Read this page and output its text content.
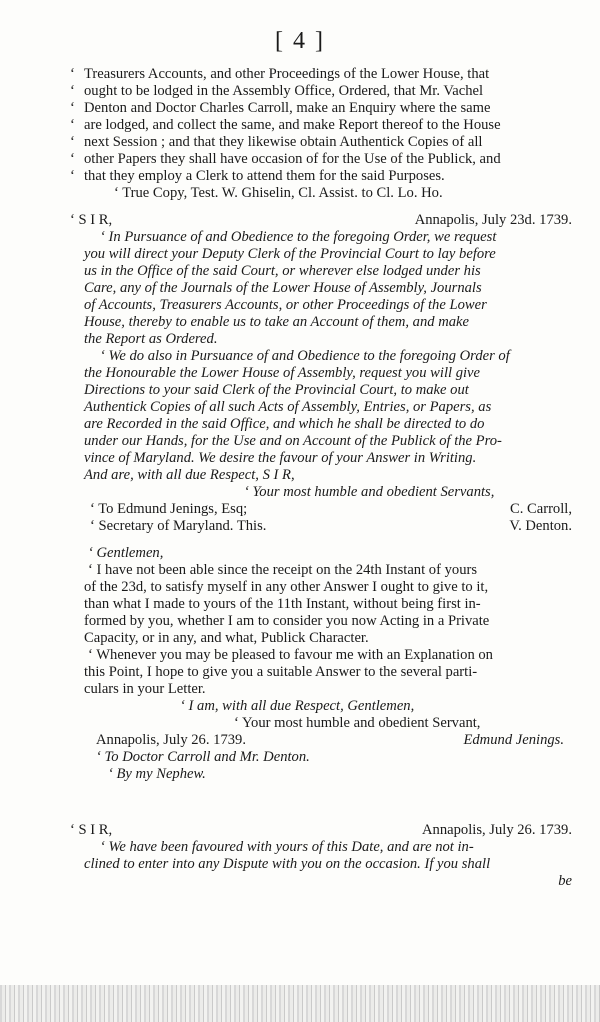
[ 4 ]
‘ Treasurers Accounts, and other Proceedings of the Lower House, that
‘ ought to be lodged in the Assembly Office, Ordered, that Mr. Vachel
‘ Denton and Doctor Charles Carroll, make an Enquiry where the same
‘ are lodged, and collect the same, and make Report thereof to the House
‘ next Session ; and that they likewise obtain Authentick Copies of all
‘ other Papers they shall have occasion of for the Use of the Publick, and
‘ that they employ a Clerk to attend them for the said Purposes.
‘ True Copy, Test. W. Ghiselin, Cl. Assist. to Cl. Lo. Ho.
‘ S I R,	Annapolis, July 23d. 1739.
‘ In Pursuance of and Obedience to the foregoing Order, we request
you will direct your Deputy Clerk of the Provincial Court to lay before
us in the Office of the said Court, or wherever else lodged under his
Care, any of the Journals of the Lower House of Assembly, Journals
of Accounts, Treasurers Accounts, or other Proceedings of the Lower
House, thereby to enable us to take an Account of them, and make
the Report as Ordered.
‘ We do also in Pursuance of and Obedience to the foregoing Order of
the Honourable the Lower House of Assembly, request you will give
Directions to your said Clerk of the Provincial Court, to make out
Authentick Copies of all such Acts of Assembly, Entries, or Papers, as
are Recorded in the said Office, and which he shall be directed to do
under our Hands, for the Use and on Account of the Publick of the Pro-
vince of Maryland. We desire the favour of your Answer in Writing.
And are, with all due Respect, S I R,
‘ Your most humble and obedient Servants,
‘ To Edmund Jenings, Esq;	C. Carroll,
‘ Secretary of Maryland. This.	V. Denton.
‘ Gentlemen,
‘ I have not been able since the receipt on the 24th Instant of yours
of the 23d, to satisfy myself in any other Answer I ought to give to it,
than what I made to yours of the 11th Instant, without being first in-
formed by you, whether I am to consider you now Acting in a Private
Capacity, or in any, and what, Publick Character.
‘ Whenever you may be pleased to favour me with an Explanation on
this Point, I hope to give you a suitable Answer to the several parti-
culars in your Letter.
‘ I am, with all due Respect, Gentlemen,
‘ Your most humble and obedient Servant,
Annapolis, July 26. 1739.	Edmund Jenings.
‘ To Doctor Carroll and Mr. Denton.
‘ By my Nephew.
‘ S I R,	Annapolis, July 26. 1739.
‘ We have been favoured with yours of this Date, and are not in-
clined to enter into any Dispute with you on the occasion. If you shall
be
